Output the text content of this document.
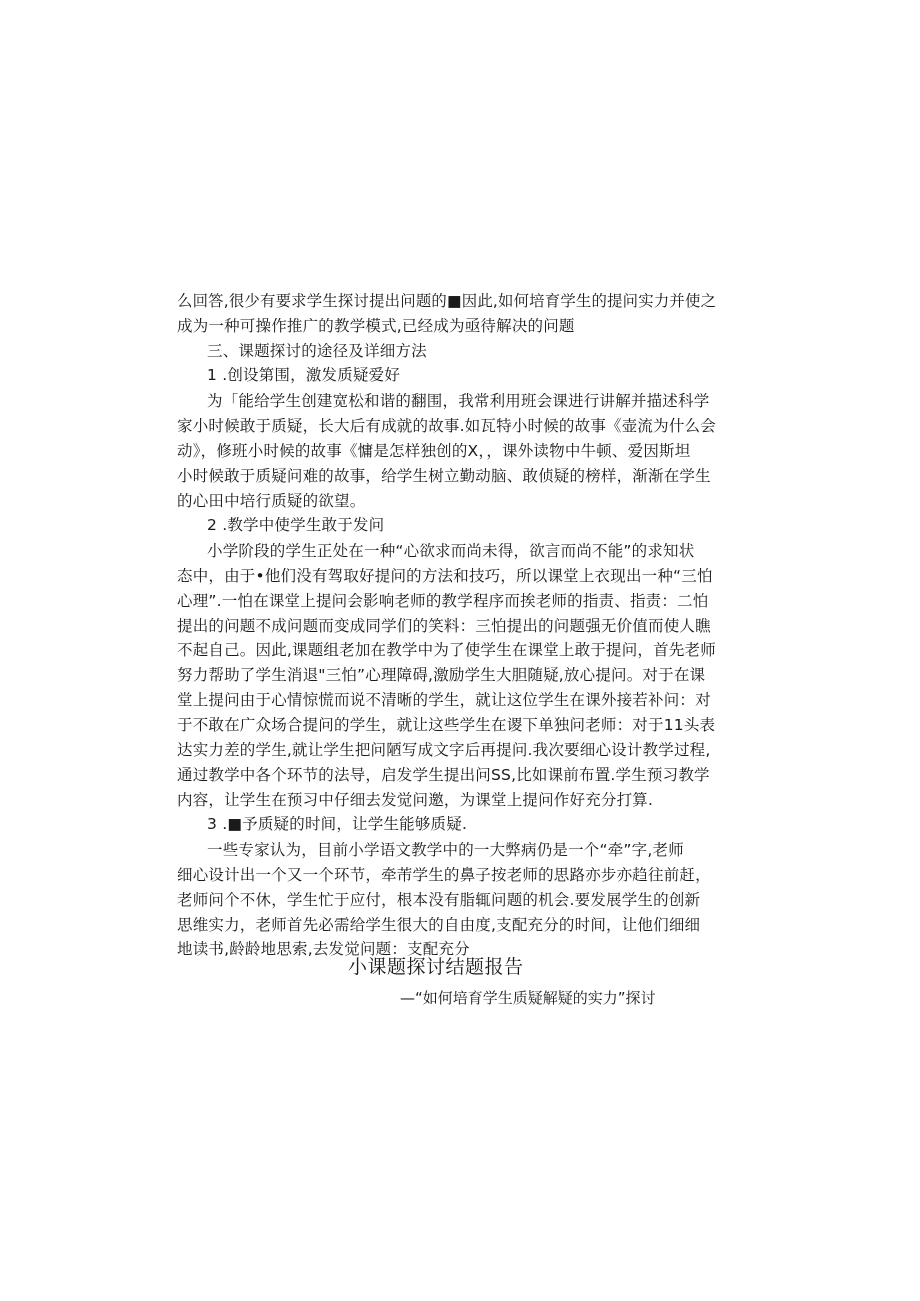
么回答,很少有要求学生探讨提出问题的■因此,如何培育学生的提问实力并使之
成为一种可操作推广的教学模式,已经成为亟待解决的问题
三、课题探讨的途径及详细方法
1 .创设第围，激发质疑爱好
为「能给学生创建宽松和谐的翻围，我常利用班会课进行讲解并描述科学
家小时候敢于质疑，长大后有成就的故事.如瓦特小时候的故事《壶流为什么会
动》，修班小时候的故事《慵是怎样独创的X，，课外读物中牛顿、爱因斯坦
小时候敢于质疑问难的故事，给学生树立勤动脑、敢侦疑的榜样，渐渐在学生
的心田中培行质疑的欲望。
2 .教学中使学生敢于发问
小学阶段的学生正处在一种“心欲求而尚未得，欲言而尚不能”的求知状
态中，由于•他们没有驾取好提问的方法和技巧，所以课堂上衣现出一种“三怕
心理”.一怕在课堂上提问会影响老师的教学程序而挨老师的指责、指责：二怕
提出的问题不成问题而变成同学们的笑料：三怕提出的问题强无价值而使人瞧
不起自己。因此,课题组老加在教学中为了使学生在课堂上敢于提问，首先老师
努力帮助了学生消退"三怕”心理障碍,激励学生大胆随疑,放心提问。对于在课
堂上提问由于心情惊慌而说不清晰的学生，就让这位学生在课外接若补问：对
于不敢在广众场合提问的学生，就让这些学生在谡下单独问老师：对于11头表
达实力差的学生,就让学生把问陋写成文字后再提问.我次要细心设计教学过程,
通过教学中各个环节的法导，启发学生提出问SS,比如课前布置.学生预习教学
内容，让学生在预习中仔细去发觉问邀，为课堂上提问作好充分打算.
3 .■予质疑的时间，让学生能够质疑.
一些专家认为，目前小学语文教学中的一大弊病仍是一个“牵”字,老师
细心设计出一个又一个环节，牵芾学生的鼻子按老师的思路亦步亦趋往前赶，
老师问个不休，学生忙于应付，根本没有脂辄问题的机会.要发展学生的创新
思维实力，老师首先必需给学生很大的自由度,支配充分的时间，让他们细细
地读书,龄龄地思索,去发觉问题：支配充分
小课题探讨结题报告
—“如何培育学生质疑解疑的实力”探讨
